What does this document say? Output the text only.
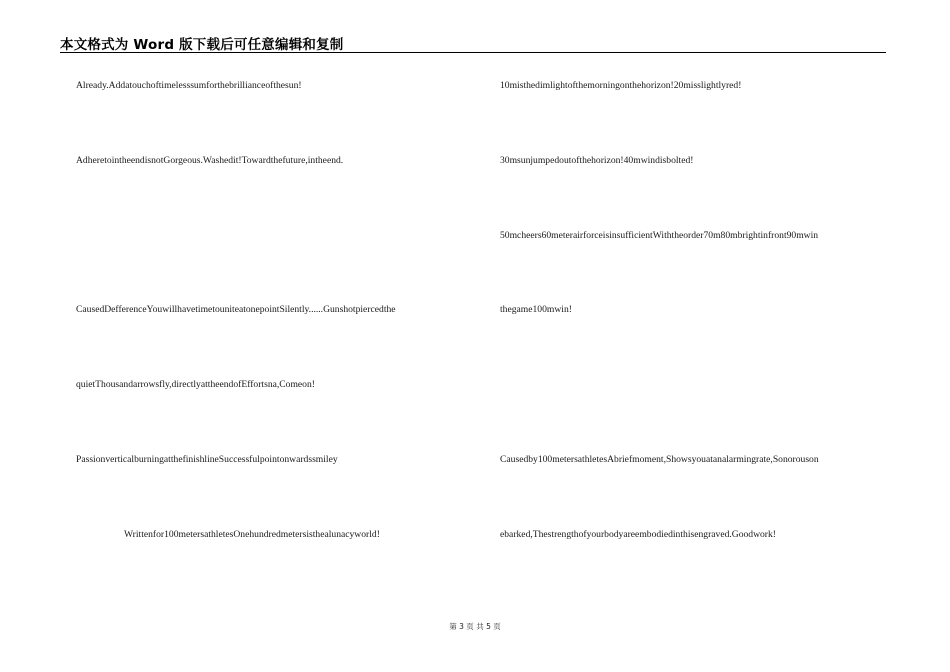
本文格式为 Word 版下载后可任意编辑和复制
Already.Addatouchoftimelesssumforthebrillianceofthesun!
AdheretointheendisnotGorgeous.Washedit!Towardthefuture,intheend.
CausedDefferenceYouwillhavetimetouniteatonepointSilently......Gunshotpiercedthe
quietThousandarrowsfly,directlyattheendofEffortsna,Comeon!
PassionverticalburningatthefinishlineSuccessfulpointonwardssmiley
Writtenfor100metersathletesOnehundredmetersisthealunacyworld!
10misthedimlightofthemorningonthehorizon!20misslightlyred!
30msunjumpedoutofthehorizon!40mwindisbolted!
50mcheers60meterairforceisinsufficientWiththeorder70m80mbrightinfront90mwin
thegame100mwin!
Causedby100metersathletesAbriefmoment,Showsyouatanalarmingrate,Sonorouson
ebarked,Thestrengthofyourbodyareembodiedinthisengraved.Goodwork!
第 3 页 共 5 页
